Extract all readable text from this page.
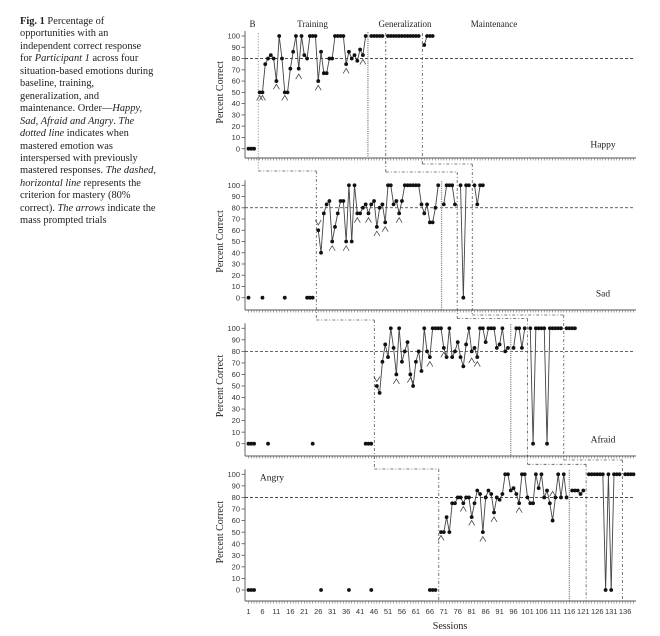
Fig. 1 Percentage of
opportunities with an
independent correct response
for Participant 1 across four
situation-based emotions during
baseline, training,
generalization, and
maintenance. Order—Happy,
Sad, Afraid and Angry. The
dotted line indicates when
mastered emotion was
interspersed with previously
mastered responses. The dashed,
horizontal line represents the
criterion for mastery (80%
correct). The arrows indicate the
mass prompted trials
B	Training	Generalization	Maintenance
0
10
20
30
40
50
60
70
80
90
100
Percent Correct
Happy
0
10
20
30
40
50
60
70
80
90
100
Percent Correct
Sad
0
10
20
30
40
50
60
70
80
90
100
Percent Correct
Afraid
0
10
20
30
40
50
60
70
80
90
100
Percent Correct
Angry
1 6 11 16 21 26 31 36 41 46 51 56 61 66 71 76 81 86 91 96 101 106 111 116 121 126 131 136
Sessions
